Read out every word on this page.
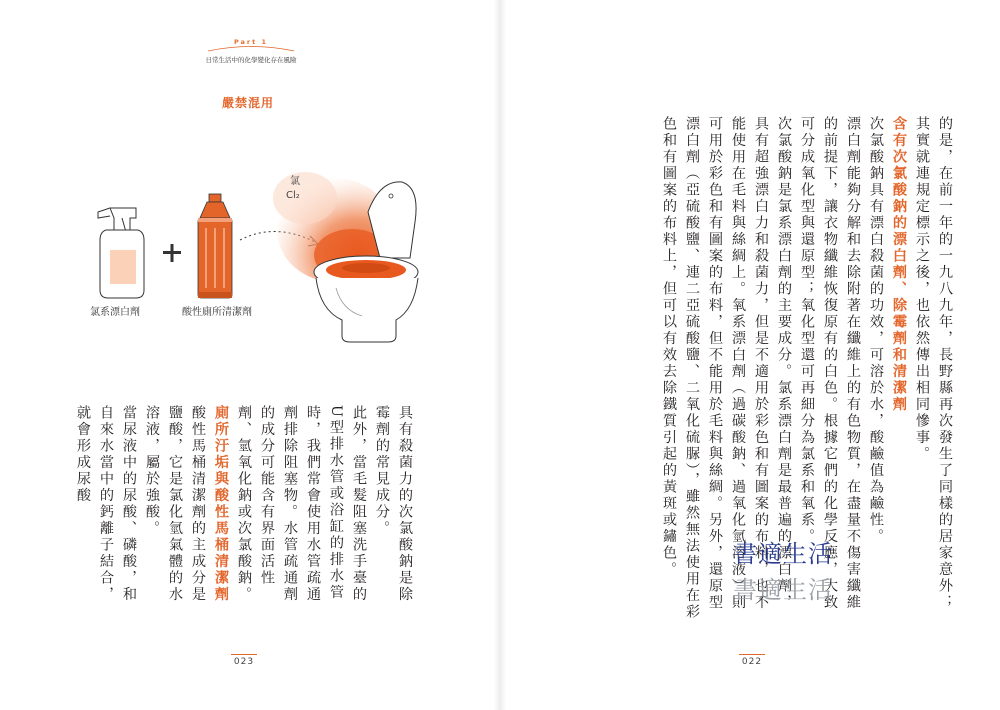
Part 1
日常生活中的化學變化存在風險
嚴禁混用
氯
Cl₂
氯系漂白劑	酸性廁所清潔劑	的是，在前一年的一九八九年，長野縣再次發生了同樣的居家意外；其實就連規定標示之後，也依然傳出相同慘事。

含有次氯酸鈉的漂白劑、除霉劑和清潔劑

次氯酸鈉具有漂白殺菌的功效，可溶於水，酸鹼值為鹼性。

漂白劑能夠分解和去除附著在纖維上的有色物質，在盡量不傷害纖維的前提下，讓衣物纖維恢復原有的白色。根據它們的化學反應，大致可分成氧化型與還原型；氧化型還可再細分為氯系和氧系。

次氯酸鈉是氯系漂白劑的主要成分。氯系漂白劑是最普遍的漂白劑，具有超強漂白力和殺菌力，但是不適用於彩色和有圖案的布料，也不能使用在毛料與絲綢上。氧系漂白劑（過碳酸鈉、過氧化氫溶液）則可用於彩色和有圖案的布料，但不能用於毛料與絲綢。另外，還原型漂白劑（亞硫酸鹽、連二亞硫酸鹽、二氧化硫脲），雖然無法使用在彩色和有圖案的布料上，但可以有效去除鐵質引起的黃斑或鏽色。

具有殺菌力的次氯酸鈉是除霉劑的常見成分。

此外，當毛髮阻塞洗手臺的U型排水管或浴缸的排水管時，我們常會使用水管疏通劑排除阻塞物。水管疏通劑的成分可能含有界面活性劑、氫氧化鈉或次氯酸鈉。

廁所汙垢與酸性馬桶清潔劑

酸性馬桶清潔劑的主成分是鹽酸，它是氯化氫氣體的水溶液，屬於強酸。

當尿液中的尿酸、磷酸，和自來水當中的鈣離子結合，就會形成尿酸

023	022
書適生活
書適生活
